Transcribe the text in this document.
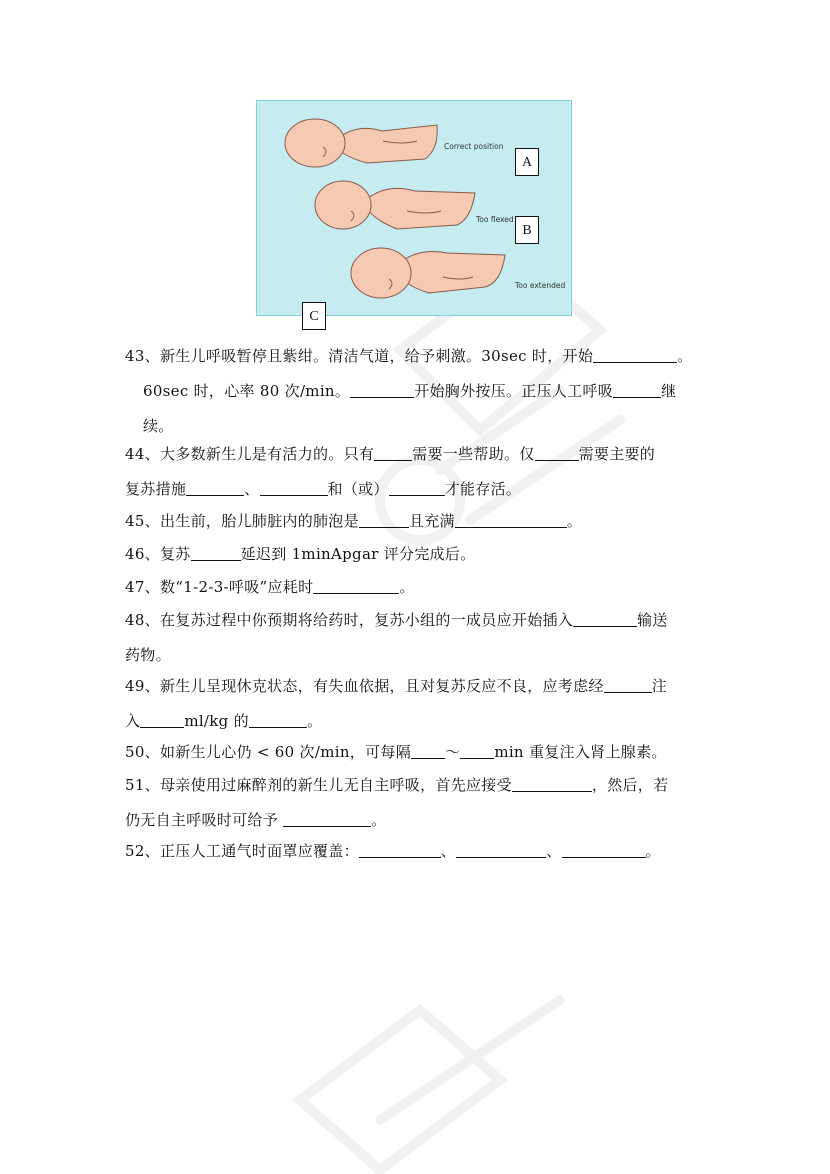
Correct position
Too flexed
Too extended
A
B
C
43、新生儿呼吸暂停且紫绀。清洁气道，给予刺激。30sec 时，开始	。
60sec 时，心率 80 次/min。	开始胸外按压。正压人工呼吸	继
续。
44、大多数新生儿是有活力的。只有	需要一些帮助。仅	需要主要的
复苏措施	、	和（或）	才能存活。
45、出生前，胎儿肺脏内的肺泡是	且充满	。
46、复苏	延迟到 1minApgar 评分完成后。
47、数“1-2-3-呼吸”应耗时	。
48、在复苏过程中你预期将给药时，复苏小组的一成员应开始插入	输送
药物。
49、新生儿呈现休克状态，有失血依据，且对复苏反应不良，应考虑经	注
入	ml/kg 的	。
50、如新生儿心仍 < 60 次/min，可每隔 ～ min 重复注入肾上腺素。
51、母亲使用过麻醉剂的新生儿无自主呼吸，首先应接受	，然后，若
仍无自主呼吸时可给予	。
52、正压人工通气时面罩应覆盖：	、	、	。
